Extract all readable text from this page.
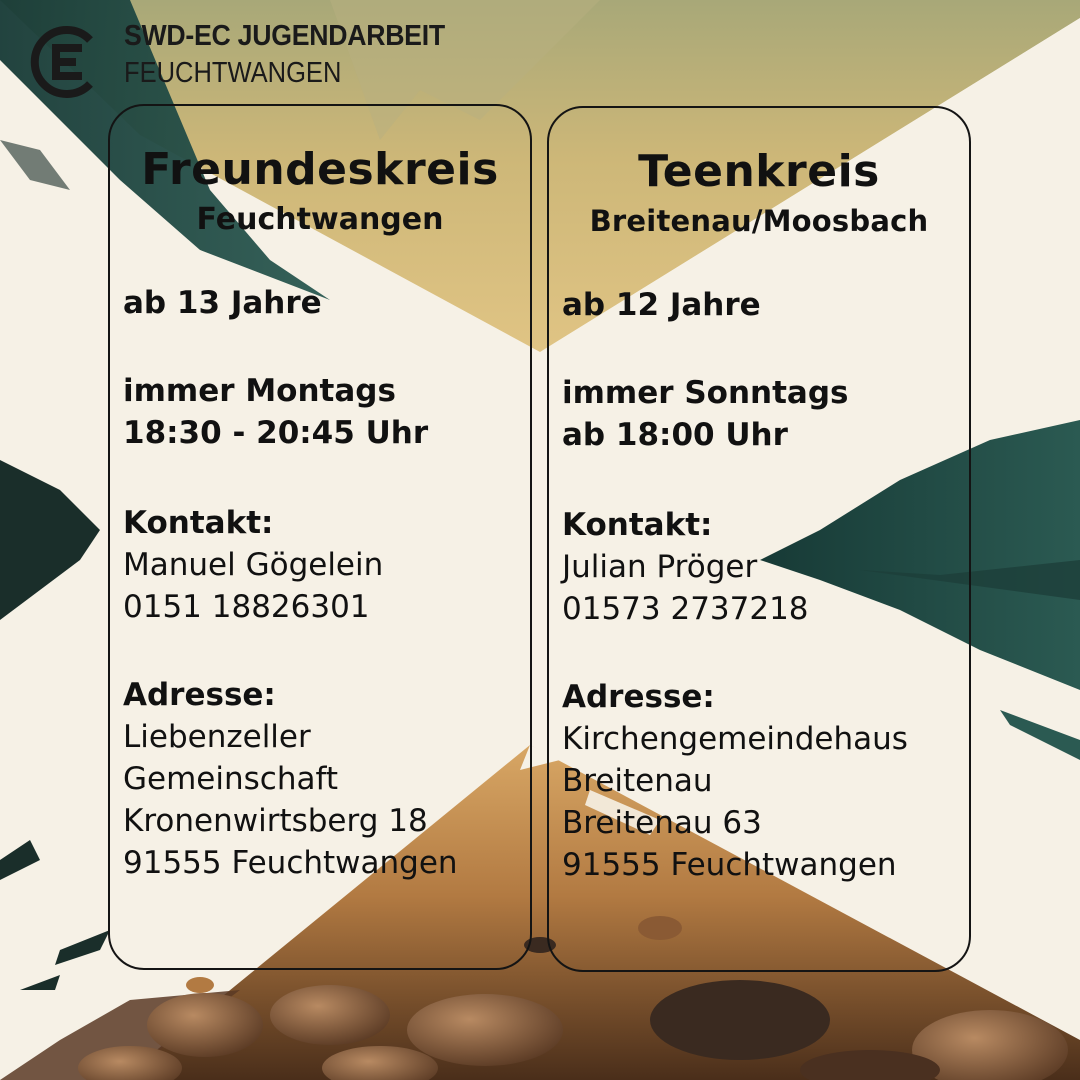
SWD-EC JUGENDARBEIT
FEUCHTWANGEN
Freundeskreis
Feuchtwangen
ab 13 Jahre
immer Montags
18:30 - 20:45 Uhr
Kontakt:
Manuel Gögelein
0151 18826301
Adresse:
Liebenzeller
Gemeinschaft
Kronenwirtsberg 18
91555 Feuchtwangen
Teenkreis
Breitenau/Moosbach
ab 12 Jahre
immer Sonntags
ab 18:00 Uhr
Kontakt:
Julian Pröger
01573 2737218
Adresse:
Kirchengemeindehaus
Breitenau
Breitenau 63
91555 Feuchtwangen
